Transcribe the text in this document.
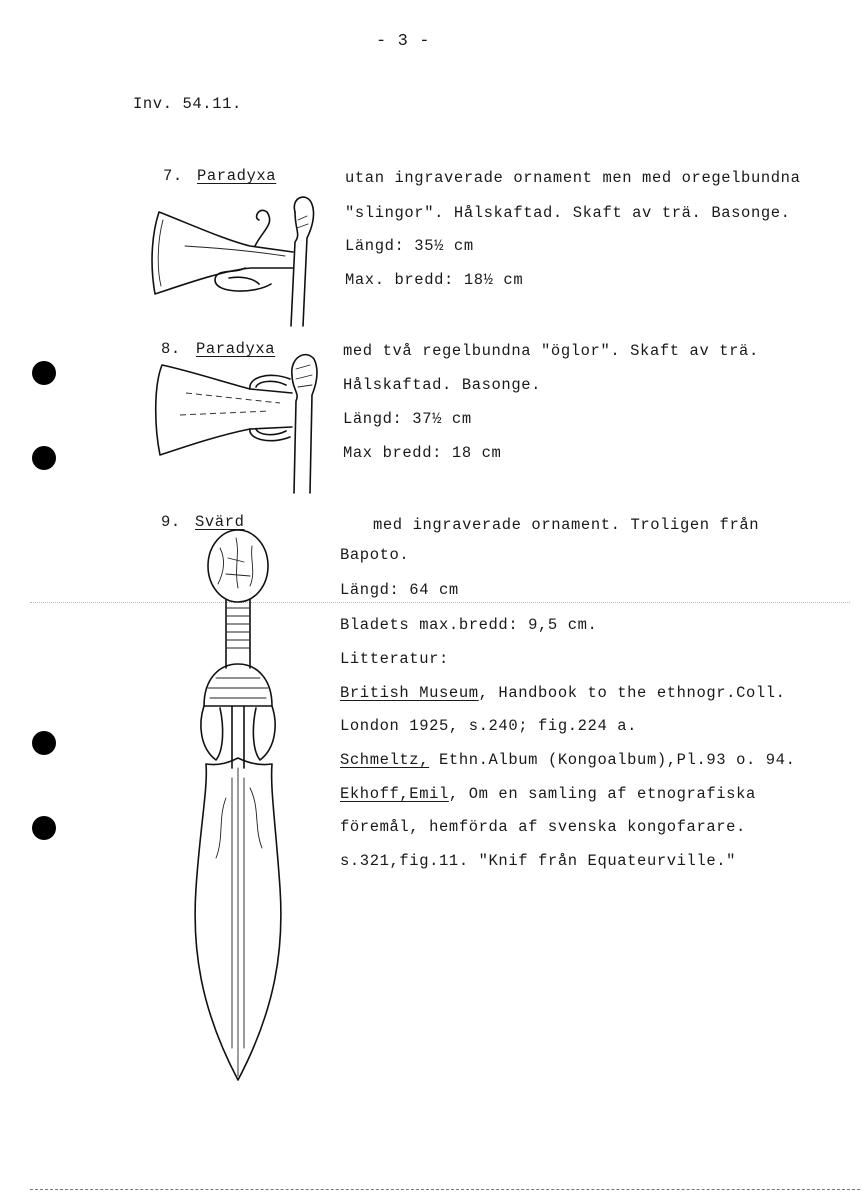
- 3 -
Inv. 54.11.
7. Paradyxa	utan ingraverade ornament men med oregelbundna
"slingor". Hålskaftad. Skaft av trä. Basonge.
Längd: 35½ cm
Max. bredd: 18½ cm
8. Paradyxa	med två regelbundna "öglor". Skaft av trä.
Hålskaftad. Basonge.
Längd: 37½ cm
Max bredd: 18 cm
9. Svärd	med ingraverade ornament. Troligen från
Bapoto.
Längd: 64 cm
Bladets max.bredd: 9,5 cm.
Litteratur:
British Museum, Handbook to the ethnogr.Coll.
London 1925, s.240; fig.224 a.
Schmeltz, Ethn.Album (Kongoalbum),Pl.93 o. 94.
Ekhoff,Emil, Om en samling af etnografiska
föremål, hemförda af svenska kongofarare.
s.321,fig.11. "Knif från Equateurville."
